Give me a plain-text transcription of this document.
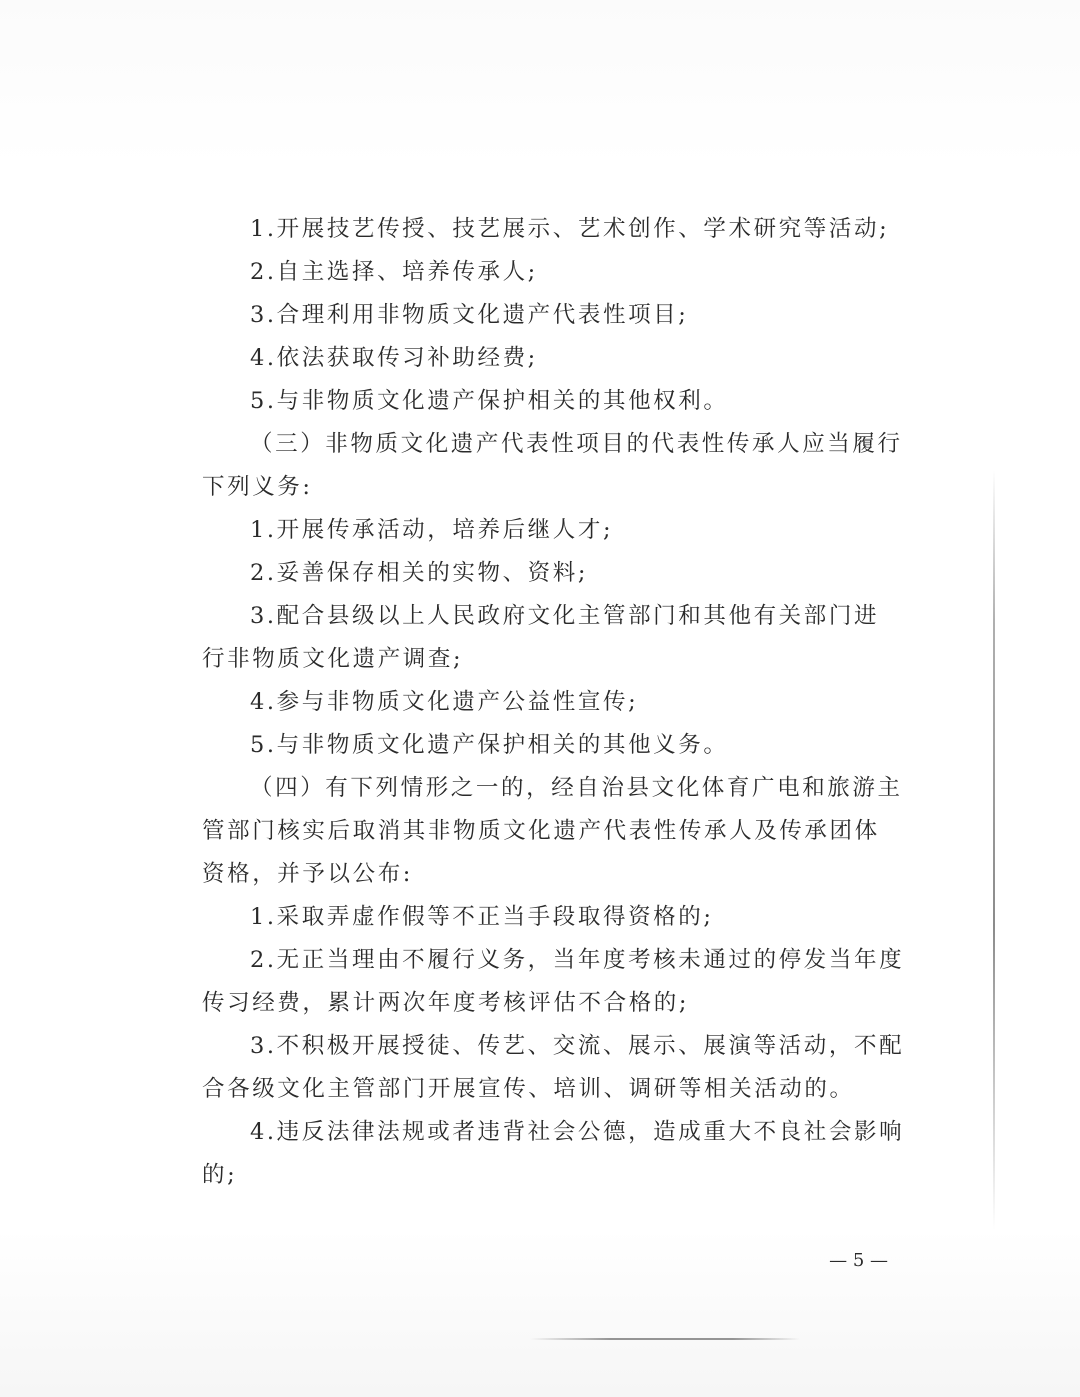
1.开展技艺传授、技艺展示、艺术创作、学术研究等活动;
2.自主选择、培养传承人;
3.合理利用非物质文化遗产代表性项目;
4.依法获取传习补助经费;
5.与非物质文化遗产保护相关的其他权利。
（三）非物质文化遗产代表性项目的代表性传承人应当履行
下列义务:
1.开展传承活动，培养后继人才;
2.妥善保存相关的实物、资料;
3.配合县级以上人民政府文化主管部门和其他有关部门进
行非物质文化遗产调查;
4.参与非物质文化遗产公益性宣传;
5.与非物质文化遗产保护相关的其他义务。
（四）有下列情形之一的，经自治县文化体育广电和旅游主
管部门核实后取消其非物质文化遗产代表性传承人及传承团体
资格，并予以公布:
1.采取弄虚作假等不正当手段取得资格的;
2.无正当理由不履行义务，当年度考核未通过的停发当年度
传习经费，累计两次年度考核评估不合格的;
3.不积极开展授徒、传艺、交流、展示、展演等活动，不配
合各级文化主管部门开展宣传、培训、调研等相关活动的。
4.违反法律法规或者违背社会公德，造成重大不良社会影响
的;
— 5 —
